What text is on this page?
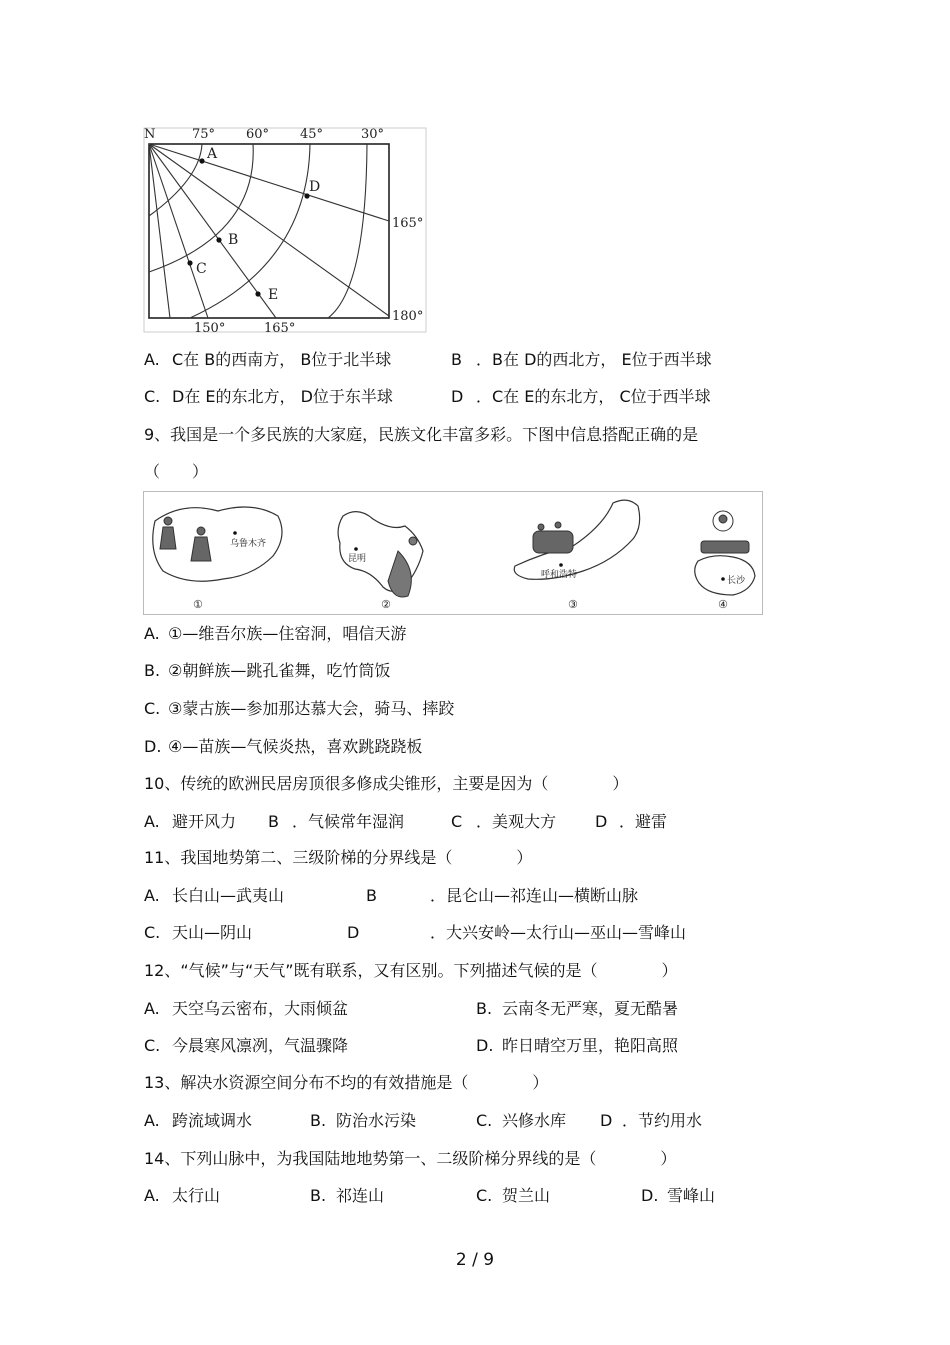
A
B
C
D
E
N	75° 60° 45°	30°
165°
180°
150°	165°
A. C在 B的西南方， B位于北半球	B ．B在 D的西北方， E位于西半球
C. D在 E的东北方， D位于东半球	D ．C在 E的东北方， C位于西半球
9、我国是一个多民族的大家庭，民族文化丰富多彩。下图中信息搭配正确的是
（　　）
乌鲁木齐
①
昆明
②
呼和浩特
③
长沙
④
A. ①—维吾尔族—住窑洞，唱信天游
B. ②朝鲜族—跳孔雀舞，吃竹筒饭
C. ③蒙古族—参加那达慕大会，骑马、摔跤
D. ④—苗族—气候炎热，喜欢跳跷跷板
10、传统的欧洲民居房顶很多修成尖锥形，主要是因为（　　　　）
A. 避开风力 B ．气候常年湿润	C ．美观大方 D ．避雷
11、我国地势第二、三级阶梯的分界线是（　　　　）
A. 长白山—武夷山	B	．昆仑山—祁连山—横断山脉
C. 天山—阴山	D	．大兴安岭—太行山—巫山—雪峰山
12、“气候”与“天气”既有联系，又有区别。下列描述气候的是（　　　　）
A. 天空乌云密布，大雨倾盆	B. 云南冬无严寒，夏无酷暑
C. 今晨寒风凛冽，气温骤降	D. 昨日晴空万里，艳阳高照
13、解决水资源空间分布不均的有效措施是（　　　　）
A. 跨流域调水	B. 防治水污染	C. 兴修水库 D ．节约用水
14、下列山脉中，为我国陆地地势第一、二级阶梯分界线的是（　　　　）
A. 太行山	B. 祁连山	C. 贺兰山	D. 雪峰山
2 / 9
